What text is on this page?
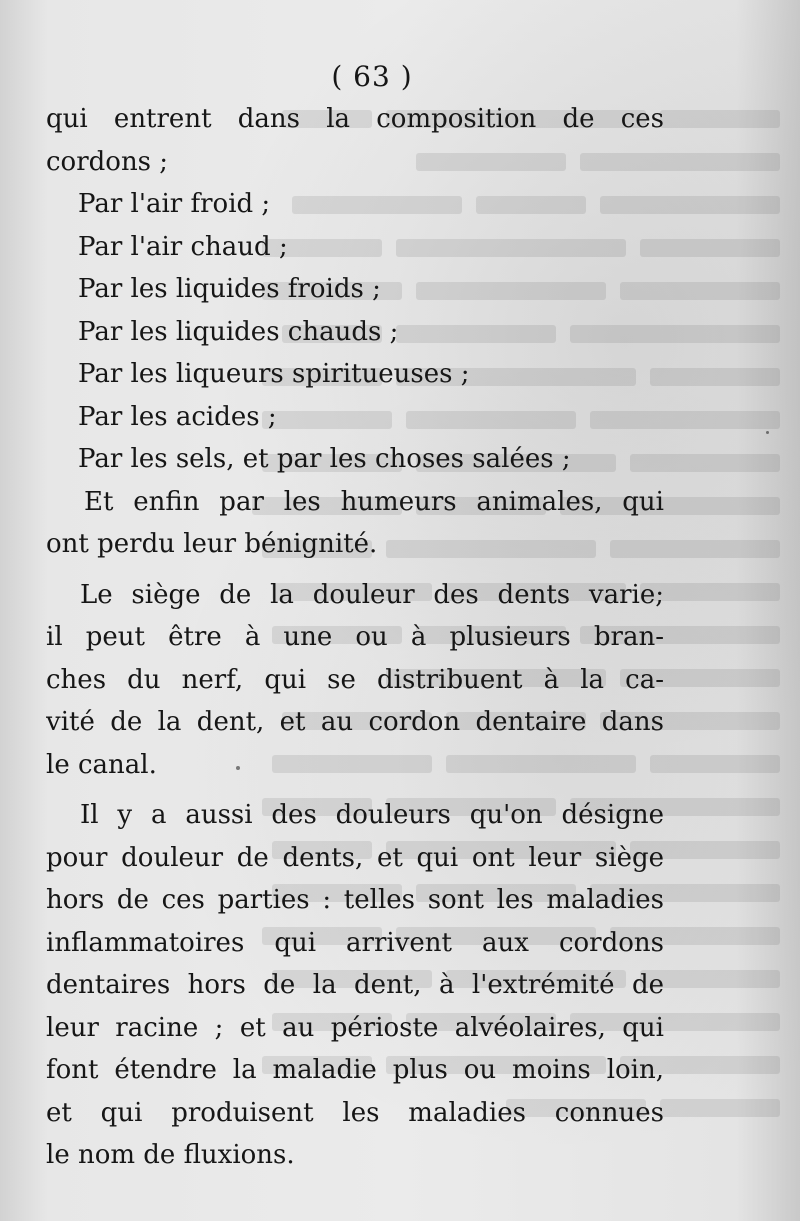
( 63 )
qui entrent dans la composition de ces
cordons ;
Par l'air froid ;
Par l'air chaud ;
Par les liquides froids ;
Par les liquides chauds ;
Par les liqueurs spiritueuses ;
Par les acides ;
Par les sels, et par les choses salées ;
Et enfin par les humeurs animales, qui
ont perdu leur bénignité.
Le siège de la douleur des dents varie;
il peut être à une ou à plusieurs bran-
ches du nerf, qui se distribuent à la ca-
vité de la dent, et au cordon dentaire dans
le canal.
Il y a aussi des douleurs qu'on désigne
pour douleur de dents, et qui ont leur siège
hors de ces parties : telles sont les maladies
inflammatoires qui arrivent aux cordons
dentaires hors de la dent, à l'extrémité de
leur racine ; et au périoste alvéolaires, qui
font étendre la maladie plus ou moins loin,
et qui produisent les maladies connues
le nom de fluxions.
